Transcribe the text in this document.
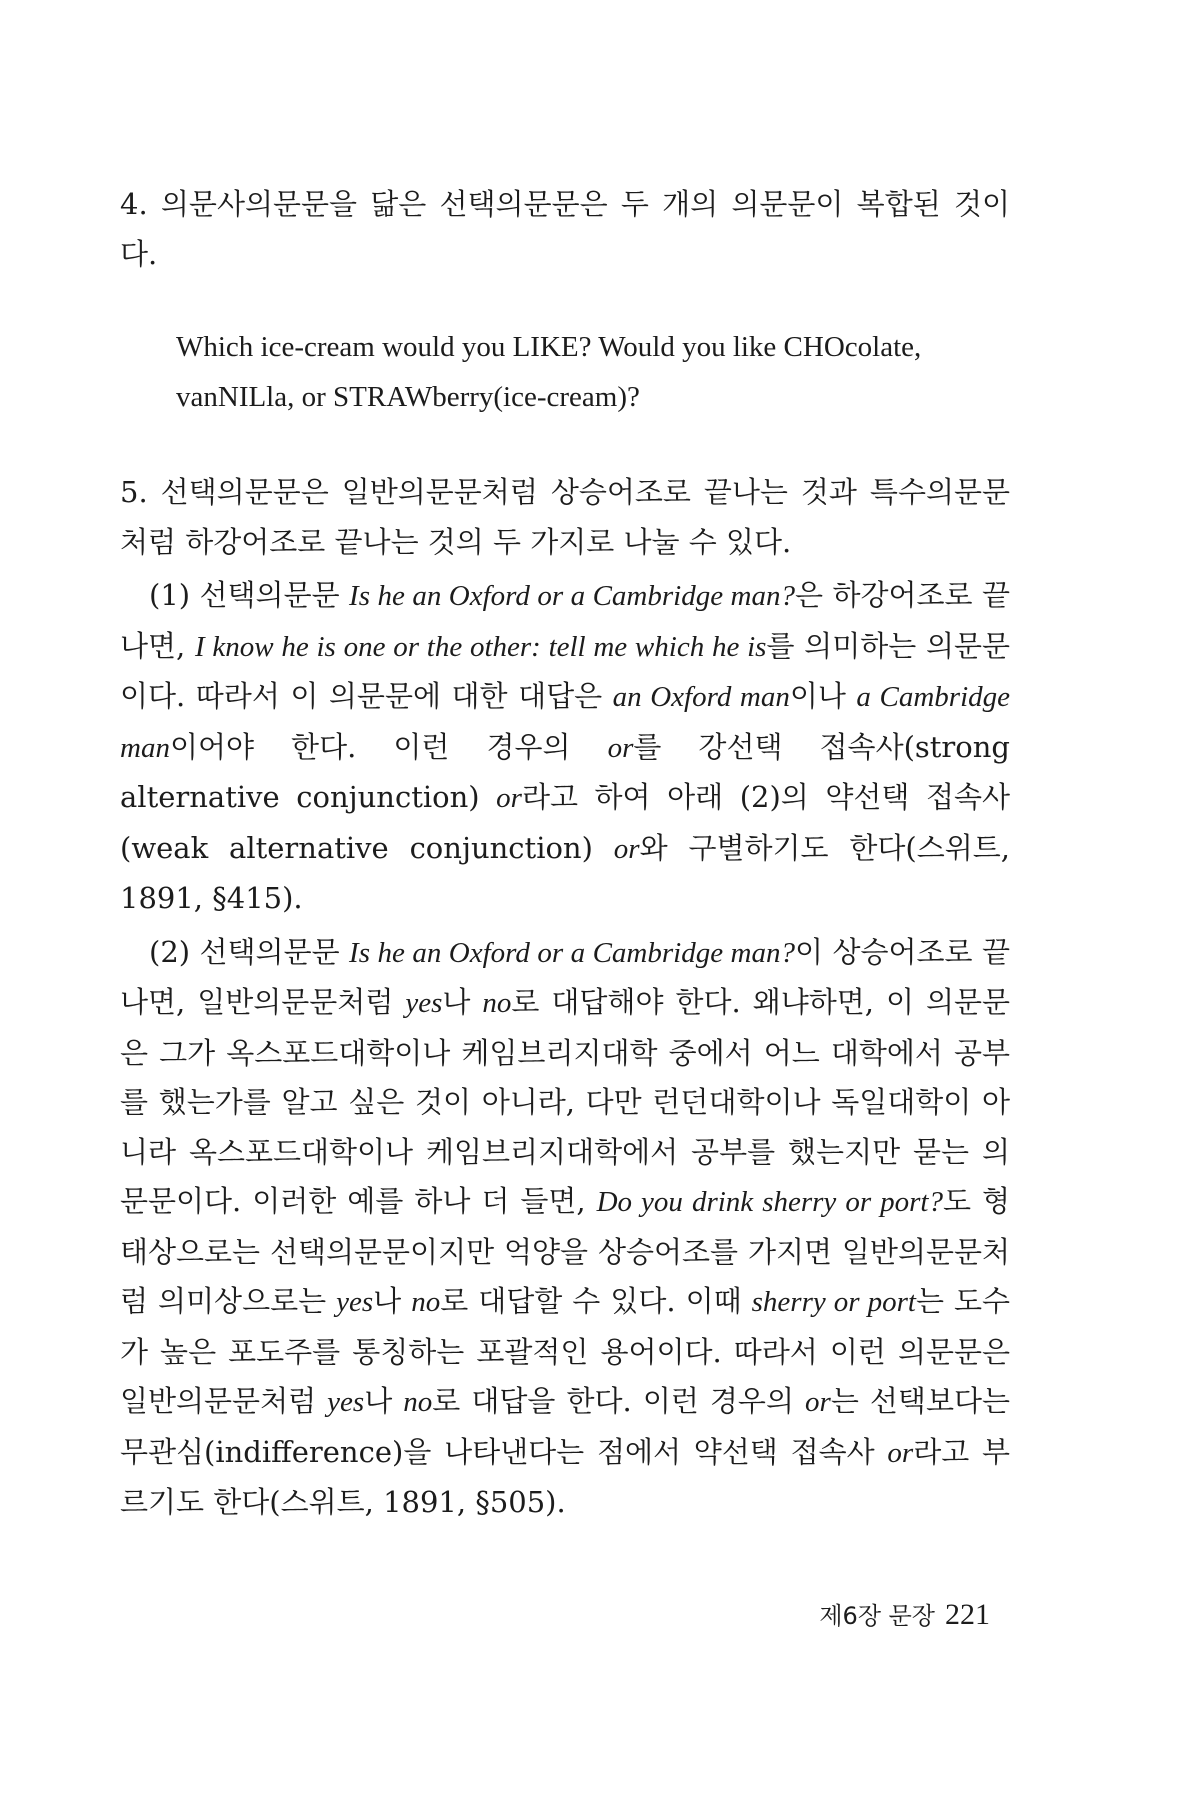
4. 의문사의문문을 닮은 선택의문문은 두 개의 의문문이 복합된 것이다.

Which ice-cream would you LIKE? Would you like CHOcolate, vanNILla, or STRAWberry(ice-cream)?

5. 선택의문문은 일반의문문처럼 상승어조로 끝나는 것과 특수의문문처럼 하강어조로 끝나는 것의 두 가지로 나눌 수 있다.

(1) 선택의문문 Is he an Oxford or a Cambridge man?은 하강어조로 끝나면, I know he is one or the other: tell me which he is를 의미하는 의문문이다. 따라서 이 의문문에 대한 대답은 an Oxford man이나 a Cambridge man이어야 한다. 이런 경우의 or를 강선택 접속사(strong alternative conjunction) or라고 하여 아래 (2)의 약선택 접속사(weak alternative conjunction) or와 구별하기도 한다(스위트, 1891, §415).

(2) 선택의문문 Is he an Oxford or a Cambridge man?이 상승어조로 끝나면, 일반의문문처럼 yes나 no로 대답해야 한다. 왜냐하면, 이 의문문은 그가 옥스포드대학이나 케임브리지대학 중에서 어느 대학에서 공부를 했는가를 알고 싶은 것이 아니라, 다만 런던대학이나 독일대학이 아니라 옥스포드대학이나 케임브리지대학에서 공부를 했는지만 묻는 의문문이다. 이러한 예를 하나 더 들면, Do you drink sherry or port?도 형태상으로는 선택의문문이지만 억양을 상승어조를 가지면 일반의문문처럼 의미상으로는 yes나 no로 대답할 수 있다. 이때 sherry or port는 도수가 높은 포도주를 통칭하는 포괄적인 용어이다. 따라서 이런 의문문은 일반의문문처럼 yes나 no로 대답을 한다. 이런 경우의 or는 선택보다는 무관심(indifference)을 나타낸다는 점에서 약선택 접속사 or라고 부르기도 한다(스위트, 1891, §505).

제6장 문장 221
